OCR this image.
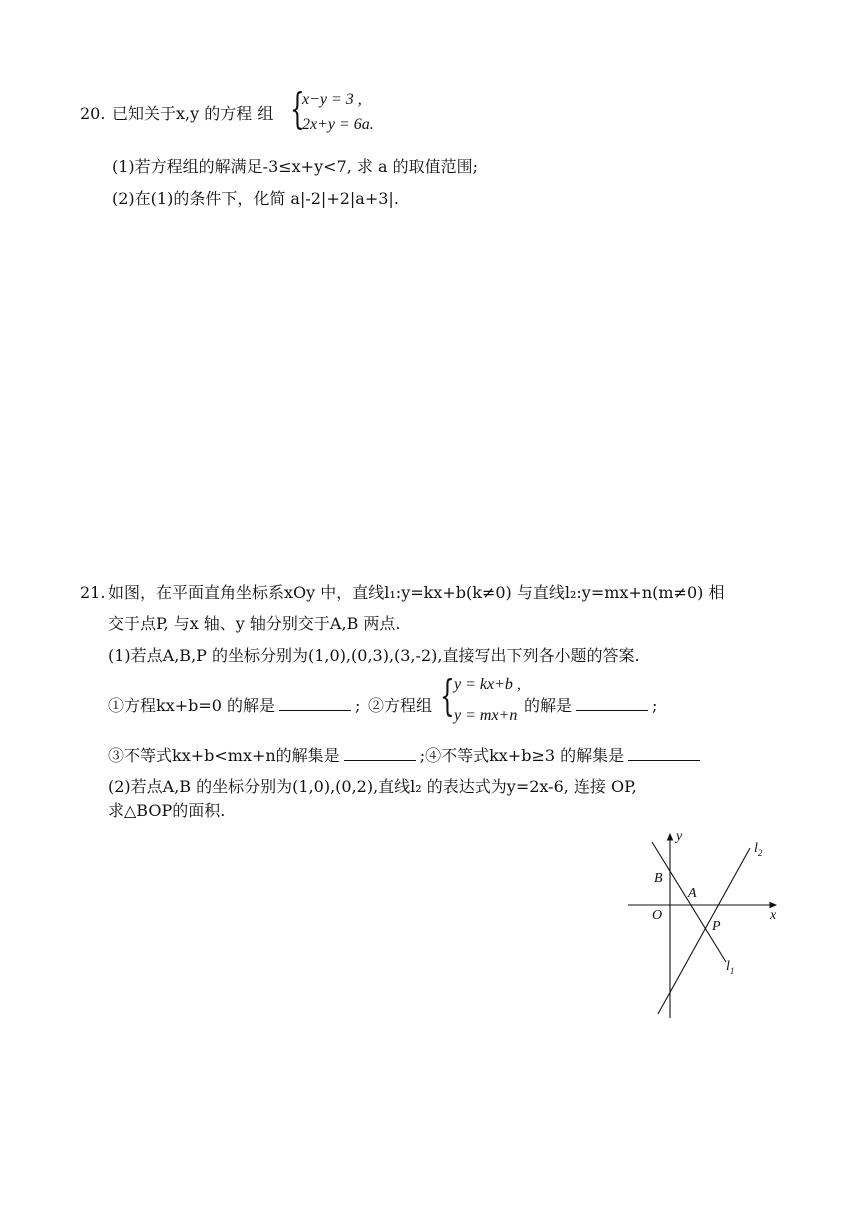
20. 已知关于x,y 的方程 组 {
x−y = 3 ,
2x+y = 6a.
(1)若方程组的解满足-3≤x+y<7, 求 a 的取值范围;
(2)在(1)的条件下，化简 a|-2|+2|a+3|.
21. 如图，在平面直角坐标系xOy 中，直线l₁:y=kx+b(k≠0) 与直线l₂:y=mx+n(m≠0) 相
交于点P, 与x 轴、y 轴分别交于A,B 两点.
(1)若点A,B,P 的坐标分别为(1,0),(0,3),(3,-2),直接写出下列各小题的答案.
①方程kx+b=0 的解是	; ②方程组 { y = kx+b ,
y = mx+n
的解是	;
③不等式kx+b<mx+n的解集是	;④不等式kx+b≥3 的解集是
(2)若点A,B 的坐标分别为(1,0),(0,2),直线l₂ 的表达式为y=2x-6, 连接 OP,
求△BOP的面积.
y
x
O
B
A
P
$l_1$
$l_2$
